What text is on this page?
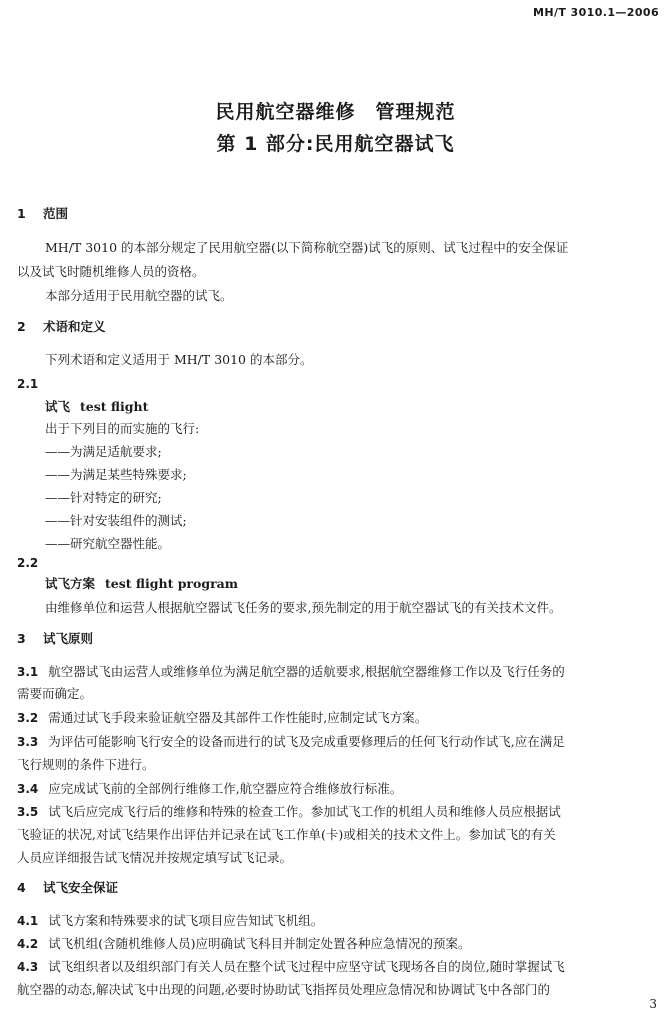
MH/T 3010.1—2006
民用航空器维修　管理规范
第 1 部分:民用航空器试飞
1 范围
MH/T 3010 的本部分规定了民用航空器(以下简称航空器)试飞的原则、试飞过程中的安全保证
以及试飞时随机维修人员的资格。
本部分适用于民用航空器的试飞。
2 术语和定义
下列术语和定义适用于 MH/T 3010 的本部分。
2.1
试飞 test flight
出于下列目的而实施的飞行:
——为满足适航要求;
——为满足某些特殊要求;
——针对特定的研究;
——针对安装组件的测试;
——研究航空器性能。
2.2
试飞方案 test flight program
由维修单位和运营人根据航空器试飞任务的要求,预先制定的用于航空器试飞的有关技术文件。
3 试飞原则
3.1 航空器试飞由运营人或维修单位为满足航空器的适航要求,根据航空器维修工作以及飞行任务的
需要而确定。
3.2 需通过试飞手段来验证航空器及其部件工作性能时,应制定试飞方案。
3.3 为评估可能影响飞行安全的设备而进行的试飞及完成重要修理后的任何飞行动作试飞,应在满足
飞行规则的条件下进行。
3.4 应完成试飞前的全部例行维修工作,航空器应符合维修放行标准。
3.5 试飞后应完成飞行后的维修和特殊的检查工作。参加试飞工作的机组人员和维修人员应根据试
飞验证的状况,对试飞结果作出评估并记录在试飞工作单(卡)或相关的技术文件上。参加试飞的有关
人员应详细报告试飞情况并按规定填写试飞记录。
4 试飞安全保证
4.1 试飞方案和特殊要求的试飞项目应告知试飞机组。
4.2 试飞机组(含随机维修人员)应明确试飞科目并制定处置各种应急情况的预案。
4.3 试飞组织者以及组织部门有关人员在整个试飞过程中应坚守试飞现场各自的岗位,随时掌握试飞
航空器的动态,解决试飞中出现的问题,必要时协助试飞指挥员处理应急情况和协调试飞中各部门的
3
